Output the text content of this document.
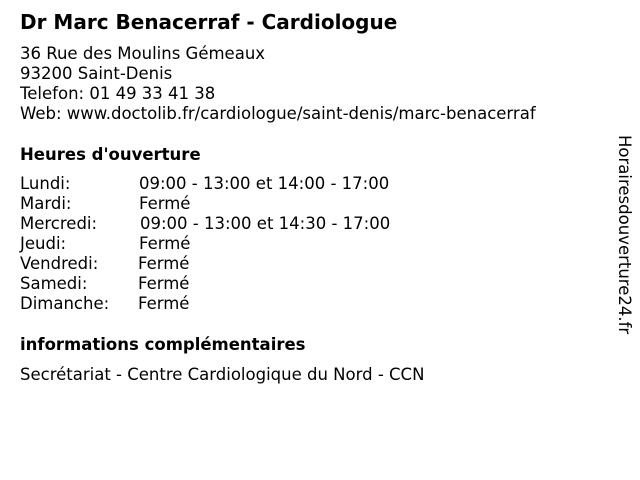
Dr Marc Benacerraf - Cardiologue
36 Rue des Moulins Gémeaux
93200 Saint-Denis
Telefon: 01 49 33 41 38
Web: www.doctolib.fr/cardiologue/saint-denis/marc-benacerraf
Heures d'ouverture
Lundi:	09:00 - 13:00 et 14:00 - 17:00
Mardi:	Fermé
Mercredi:	09:00 - 13:00 et 14:30 - 17:00
Jeudi:	Fermé
Vendredi: Fermé
Samedi:	Fermé
Dimanche: Fermé
informations complémentaires
Secrétariat - Centre Cardiologique du Nord - CCN
Horairesdouverture24.fr
